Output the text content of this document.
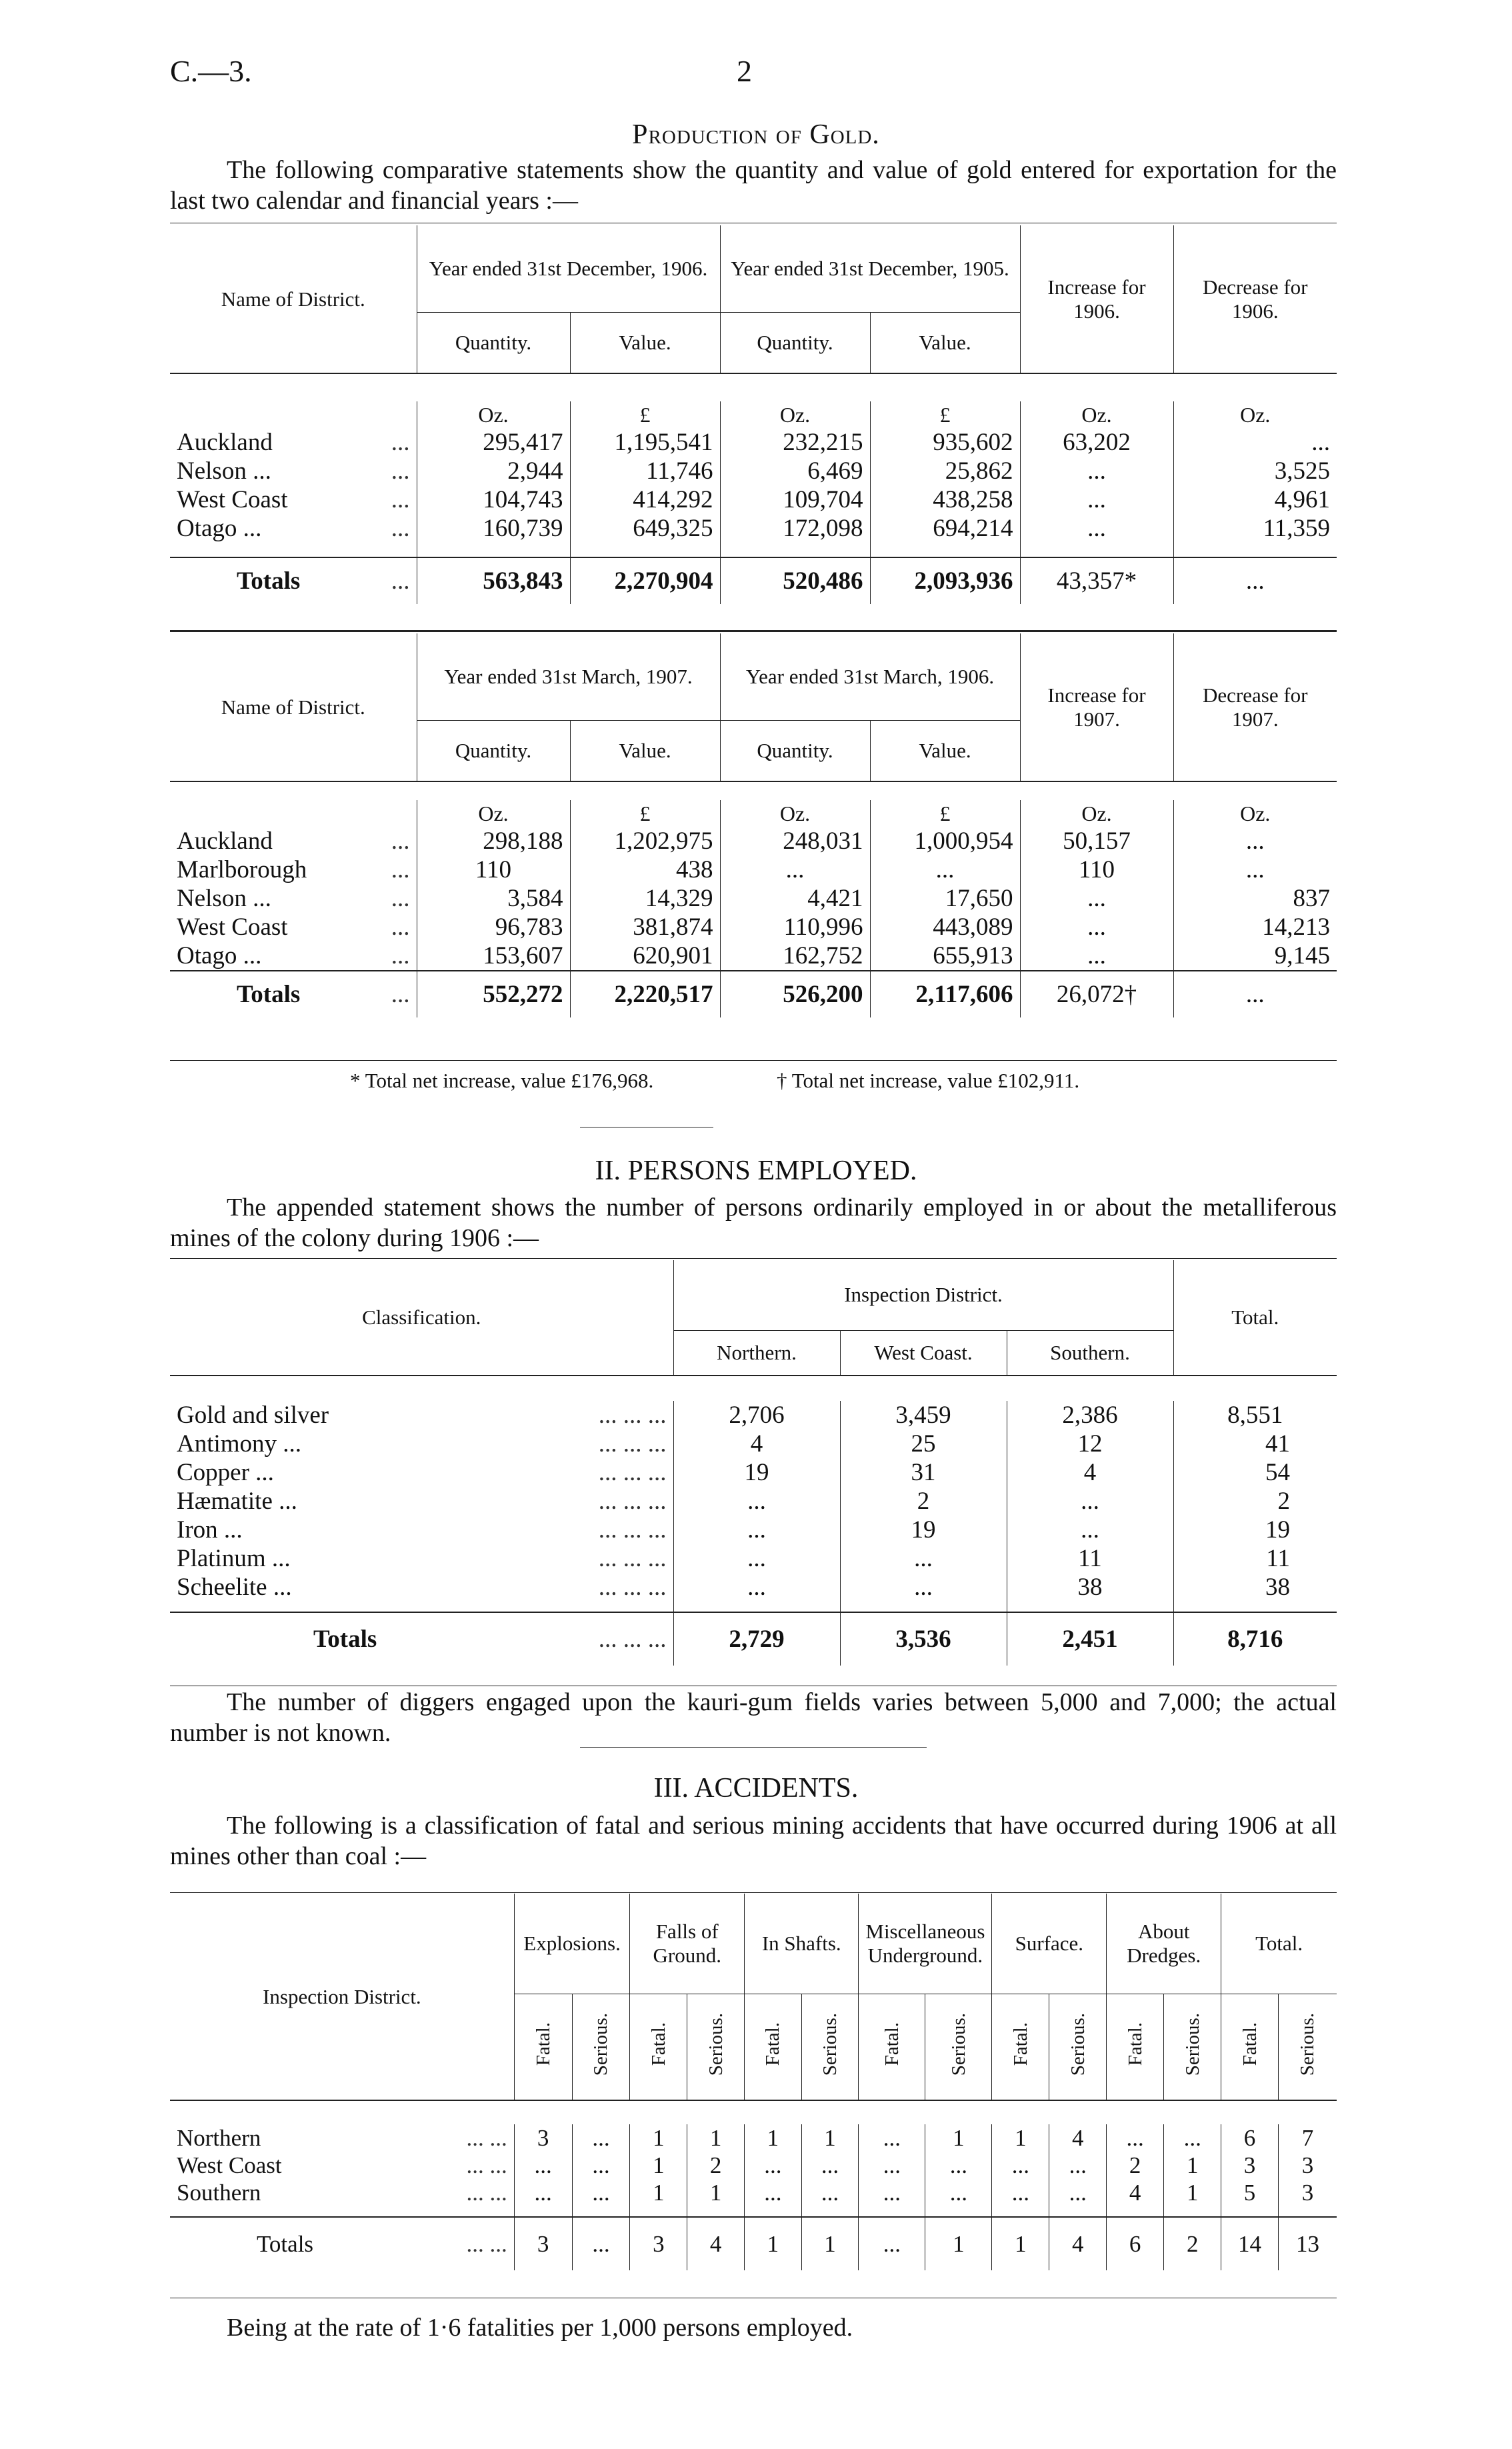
C.—3.	2
Production of Gold.
The following comparative statements show the quantity and value of gold entered for exportation for the last two calendar and financial years :—
Name of District.	Year ended 31st December, 1906.		Year ended 31st December, 1905.		Increase for 1906.	Decrease for 1906.
	Quantity.	Value.	Quantity.	Value.		

	Oz.	£	Oz.	£	Oz.	Oz.
Auckland ...	295,417	1,195,541	232,215	935,602	63,202	...
Nelson ... ...	2,944	11,746	6,469	25,862	...	3,525
West Coast ...	104,743	414,292	109,704	438,258	...	4,961
Otago ... ...	160,739	649,325	172,098	694,214	...	11,359

Totals ...	563,843	2,270,904	520,486	2,093,936	43,357*	...
Name of District.	Year ended 31st March, 1907.		Year ended 31st March, 1906.		Increase for 1907.	Decrease for 1907.
	Quantity.	Value.	Quantity.	Value.		

	Oz.	£	Oz.	£	Oz.	Oz.
Auckland ...	298,188	1,202,975	248,031	1,000,954	50,157	...
Marlborough ...	110	438	...	...	110	...
Nelson ... ...	3,584	14,329	4,421	17,650	...	837
West Coast ...	96,783	381,874	110,996	443,089	...	14,213
Otago ... ...	153,607	620,901	162,752	655,913	...	9,145
Totals ...	552,272	2,220,517	526,200	2,117,606	26,072†	...
* Total net increase, value £176,968.	† Total net increase, value £102,911.
II. PERSONS EMPLOYED.
The appended statement shows the number of persons ordinarily employed in or about the metalliferous mines of the colony during 1906 :—
Classification.	Inspection District.			Total.
	Northern.	West Coast.	Southern.	

Gold and silver ... ... ...	2,706	3,459	2,386	8,551
Antimony ... ... ... ...	4	25	12	41
Copper ... ... ... ...	19	31	4	54
Hæmatite ... ... ... ...	...	2	...	2
Iron ... ... ... ...	...	19	...	19
Platinum ... ... ... ...	...	...	11	11
Scheelite ... ... ... ...	...	...	38	38

Totals ... ... ...	2,729	3,536	2,451	8,716
The number of diggers engaged upon the kauri-gum fields varies between 5,000 and 7,000; the actual number is not known.
III. ACCIDENTS.
The following is a classification of fatal and serious mining accidents that have occurred during 1906 at all mines other than coal :—
Inspection District.	Explosions.		Falls of Ground.		In Shafts.		Miscellaneous Underground.		Surface.		About Dredges.		Total.	
	Fatal.	Serious.	Fatal.	Serious.	Fatal.	Serious.	Fatal.	Serious.	Fatal.	Serious.	Fatal.	Serious.	Fatal.	Serious.

Northern ... ...	3	...	1	1	1	1	...	1	1	4	...	...	6	7
West Coast ... ...	...	...	1	2	...	...	...	...	...	...	2	1	3	3
Southern ... ...	...	...	1	1	...	...	...	...	...	...	4	1	5	3

Totals ... ...	3	...	3	4	1	1	...	1	1	4	6	2	14	13
Being at the rate of 1·6 fatalities per 1,000 persons employed.
